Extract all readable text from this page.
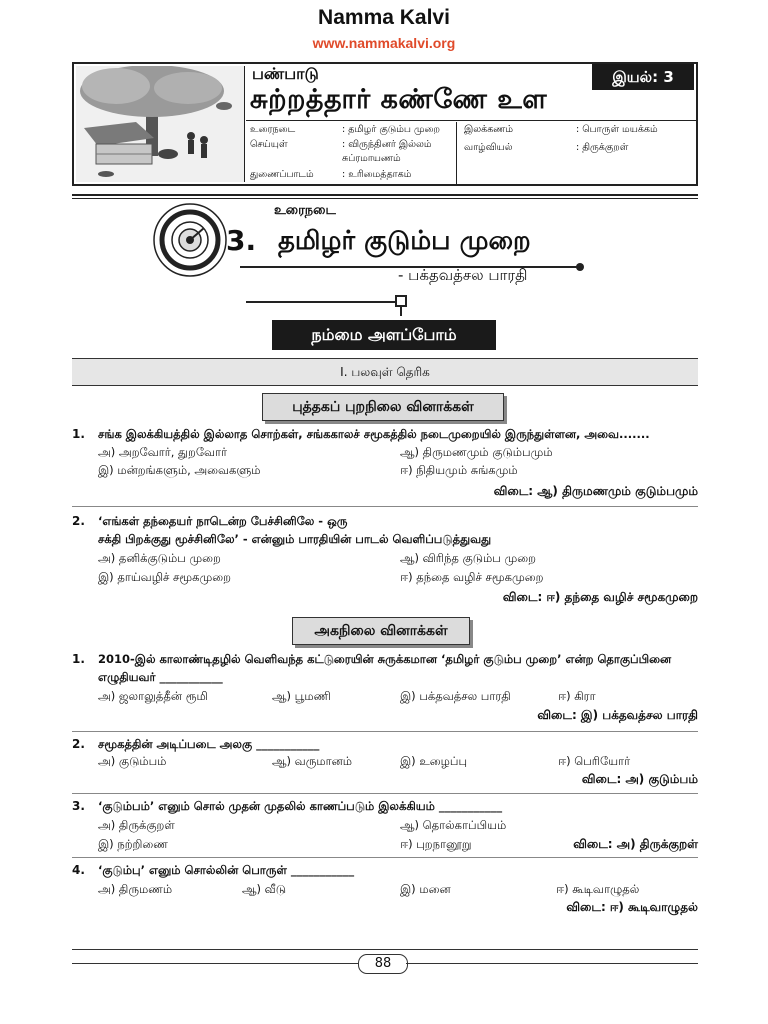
Namma Kalvi
www.nammakalvi.org
பண்பாடு
சுற்றத்தார் கண்ணே உள
இயல்: 3
உரைநடை	: தமிழர் குடும்ப முறை
செய்யுள்	: விருந்தினர் இல்லம்
சுப்ரமாயணம்
துணைப்பாடம்	: உரிமைத்தாகம்
இலக்கணம்	: பொருள் மயக்கம்
வாழ்வியல்	: திருக்குறள்
உரைநடை
3. தமிழர் குடும்ப முறை
- பக்தவத்சல பாரதி
நம்மை அளப்போம்
I. பலவுள் தெரிக
புத்தகப் புறநிலை வினாக்கள்
1. சங்க இலக்கியத்தில் இல்லாத சொற்கள், சங்ககாலச் சமூகத்தில் நடைமுறையில் இருந்துள்ளன, அவை.......
அ) அறவோர், துறவோர்	ஆ) திருமணமும் குடும்பமும்
இ) மன்றங்களும், அவைகளும்	ஈ) நிதியமும் சுங்கமும்
விடை: ஆ) திருமணமும் குடும்பமும்
2. ‘எங்கள் தந்தையர் நாடென்ற பேச்சினிலே - ஒரு
சக்தி பிறக்குது மூச்சினிலே’ - என்னும் பாரதியின் பாடல் வெளிப்படுத்துவது
அ) தனிக்குடும்ப முறை	ஆ) விரிந்த குடும்ப முறை
இ) தாய்வழிச் சமூகமுறை	ஈ) தந்தை வழிச் சமூகமுறை
விடை: ஈ) தந்தை வழிச் சமூகமுறை
அகநிலை வினாக்கள்
1. 2010-இல் காலாண்டிதழில் வெளிவந்த கட்டுரையின் சுருக்கமான ‘தமிழர் குடும்ப முறை’ என்ற தொகுப்பினை
எழுதியவர் ___________
அ) ஜலாலுத்தீன் ரூமி	ஆ) பூமணி	இ) பக்தவத்சல பாரதி	ஈ) கிரா
விடை: இ) பக்தவத்சல பாரதி
2. சமூகத்தின் அடிப்படை அலகு ___________
அ) குடும்பம்	ஆ) வருமானம்	இ) உழைப்பு	ஈ) பெரியோர்
விடை: அ) குடும்பம்
3. ‘குடும்பம்’ எனும் சொல் முதன் முதலில் காணப்படும் இலக்கியம் ___________
அ) திருக்குறள்	ஆ) தொல்காப்பியம்
இ) நற்றிணை	ஈ) புறநானூறு	விடை: அ) திருக்குறள்
4. ‘குடும்பு’ எனும் சொல்லின் பொருள் ___________
அ) திருமணம்	ஆ) வீடு	இ) மனை	ஈ) கூடிவாழுதல்
விடை: ஈ) கூடிவாழுதல்
88
